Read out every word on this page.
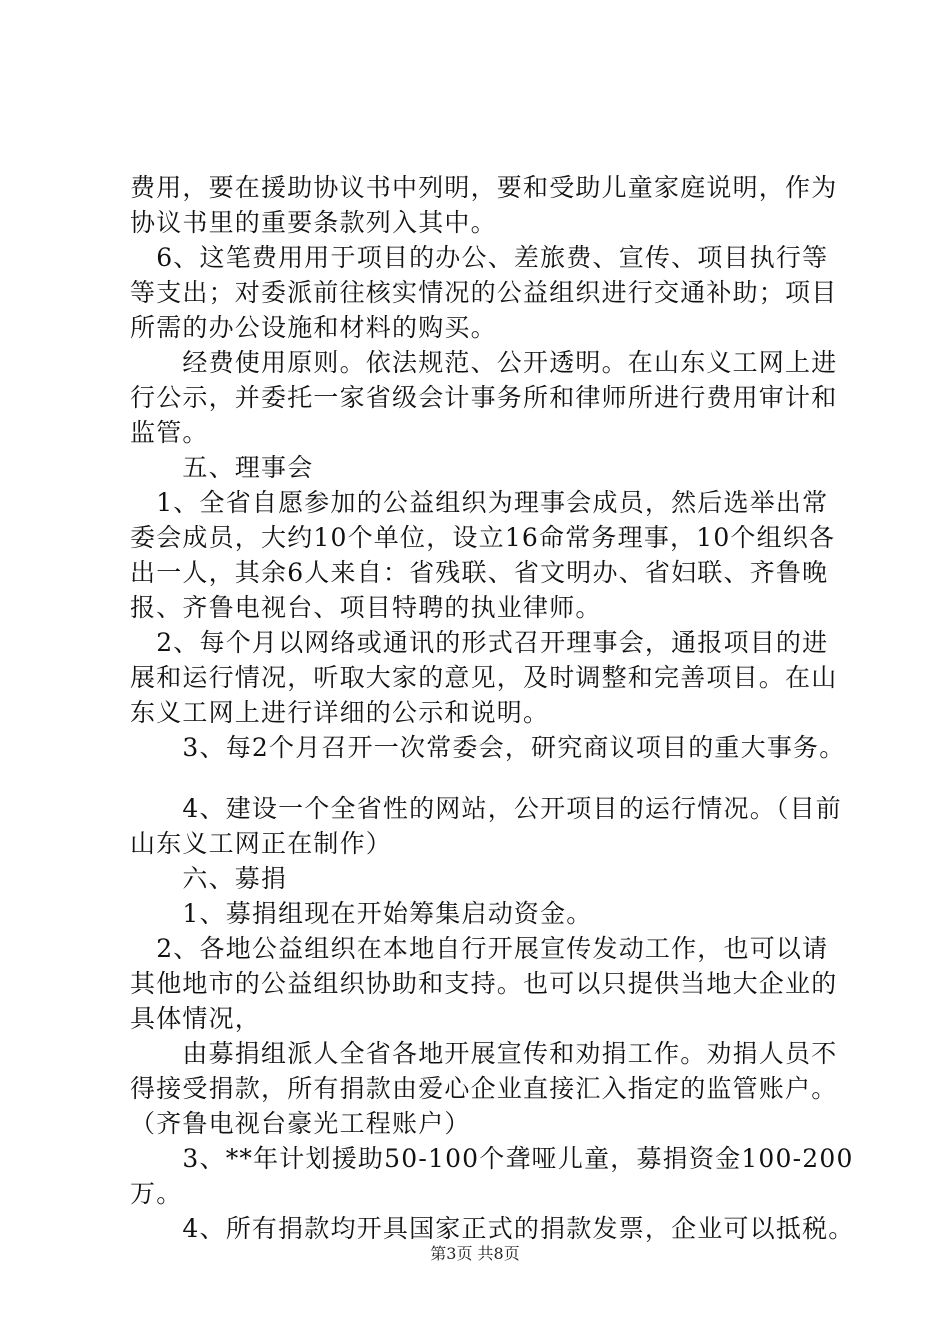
费用，要在援助协议书中列明，要和受助儿童家庭说明，作为
协议书里的重要条款列入其中。
　6、这笔费用用于项目的办公、差旅费、宣传、项目执行等
等支出；对委派前往核实情况的公益组织进行交通补助；项目
所需的办公设施和材料的购买。
　　经费使用原则。依法规范、公开透明。在山东义工网上进
行公示，并委托一家省级会计事务所和律师所进行费用审计和
监管。
　　五、理事会
　1、全省自愿参加的公益组织为理事会成员，然后选举出常
委会成员，大约10个单位，设立16命常务理事，10个组织各
出一人，其余6人来自：省残联、省文明办、省妇联、齐鲁晚
报、齐鲁电视台、项目特聘的执业律师。
　2、每个月以网络或通讯的形式召开理事会，通报项目的进
展和运行情况，听取大家的意见，及时调整和完善项目。在山
东义工网上进行详细的公示和说明。
　　3、每2个月召开一次常委会，研究商议项目的重大事务。
　　4、建设一个全省性的网站，公开项目的运行情况。（目前
山东义工网正在制作）
　　六、募捐
　　1、募捐组现在开始筹集启动资金。
　2、各地公益组织在本地自行开展宣传发动工作，也可以请
其他地市的公益组织协助和支持。也可以只提供当地大企业的
具体情况，
　　由募捐组派人全省各地开展宣传和劝捐工作。劝捐人员不
得接受捐款，所有捐款由爱心企业直接汇入指定的监管账户。
（齐鲁电视台豪光工程账户）
　　3、**年计划援助50-100个聋哑儿童，募捐资金100-200
万。
　　4、所有捐款均开具国家正式的捐款发票，企业可以抵税。
第3页 共8页
